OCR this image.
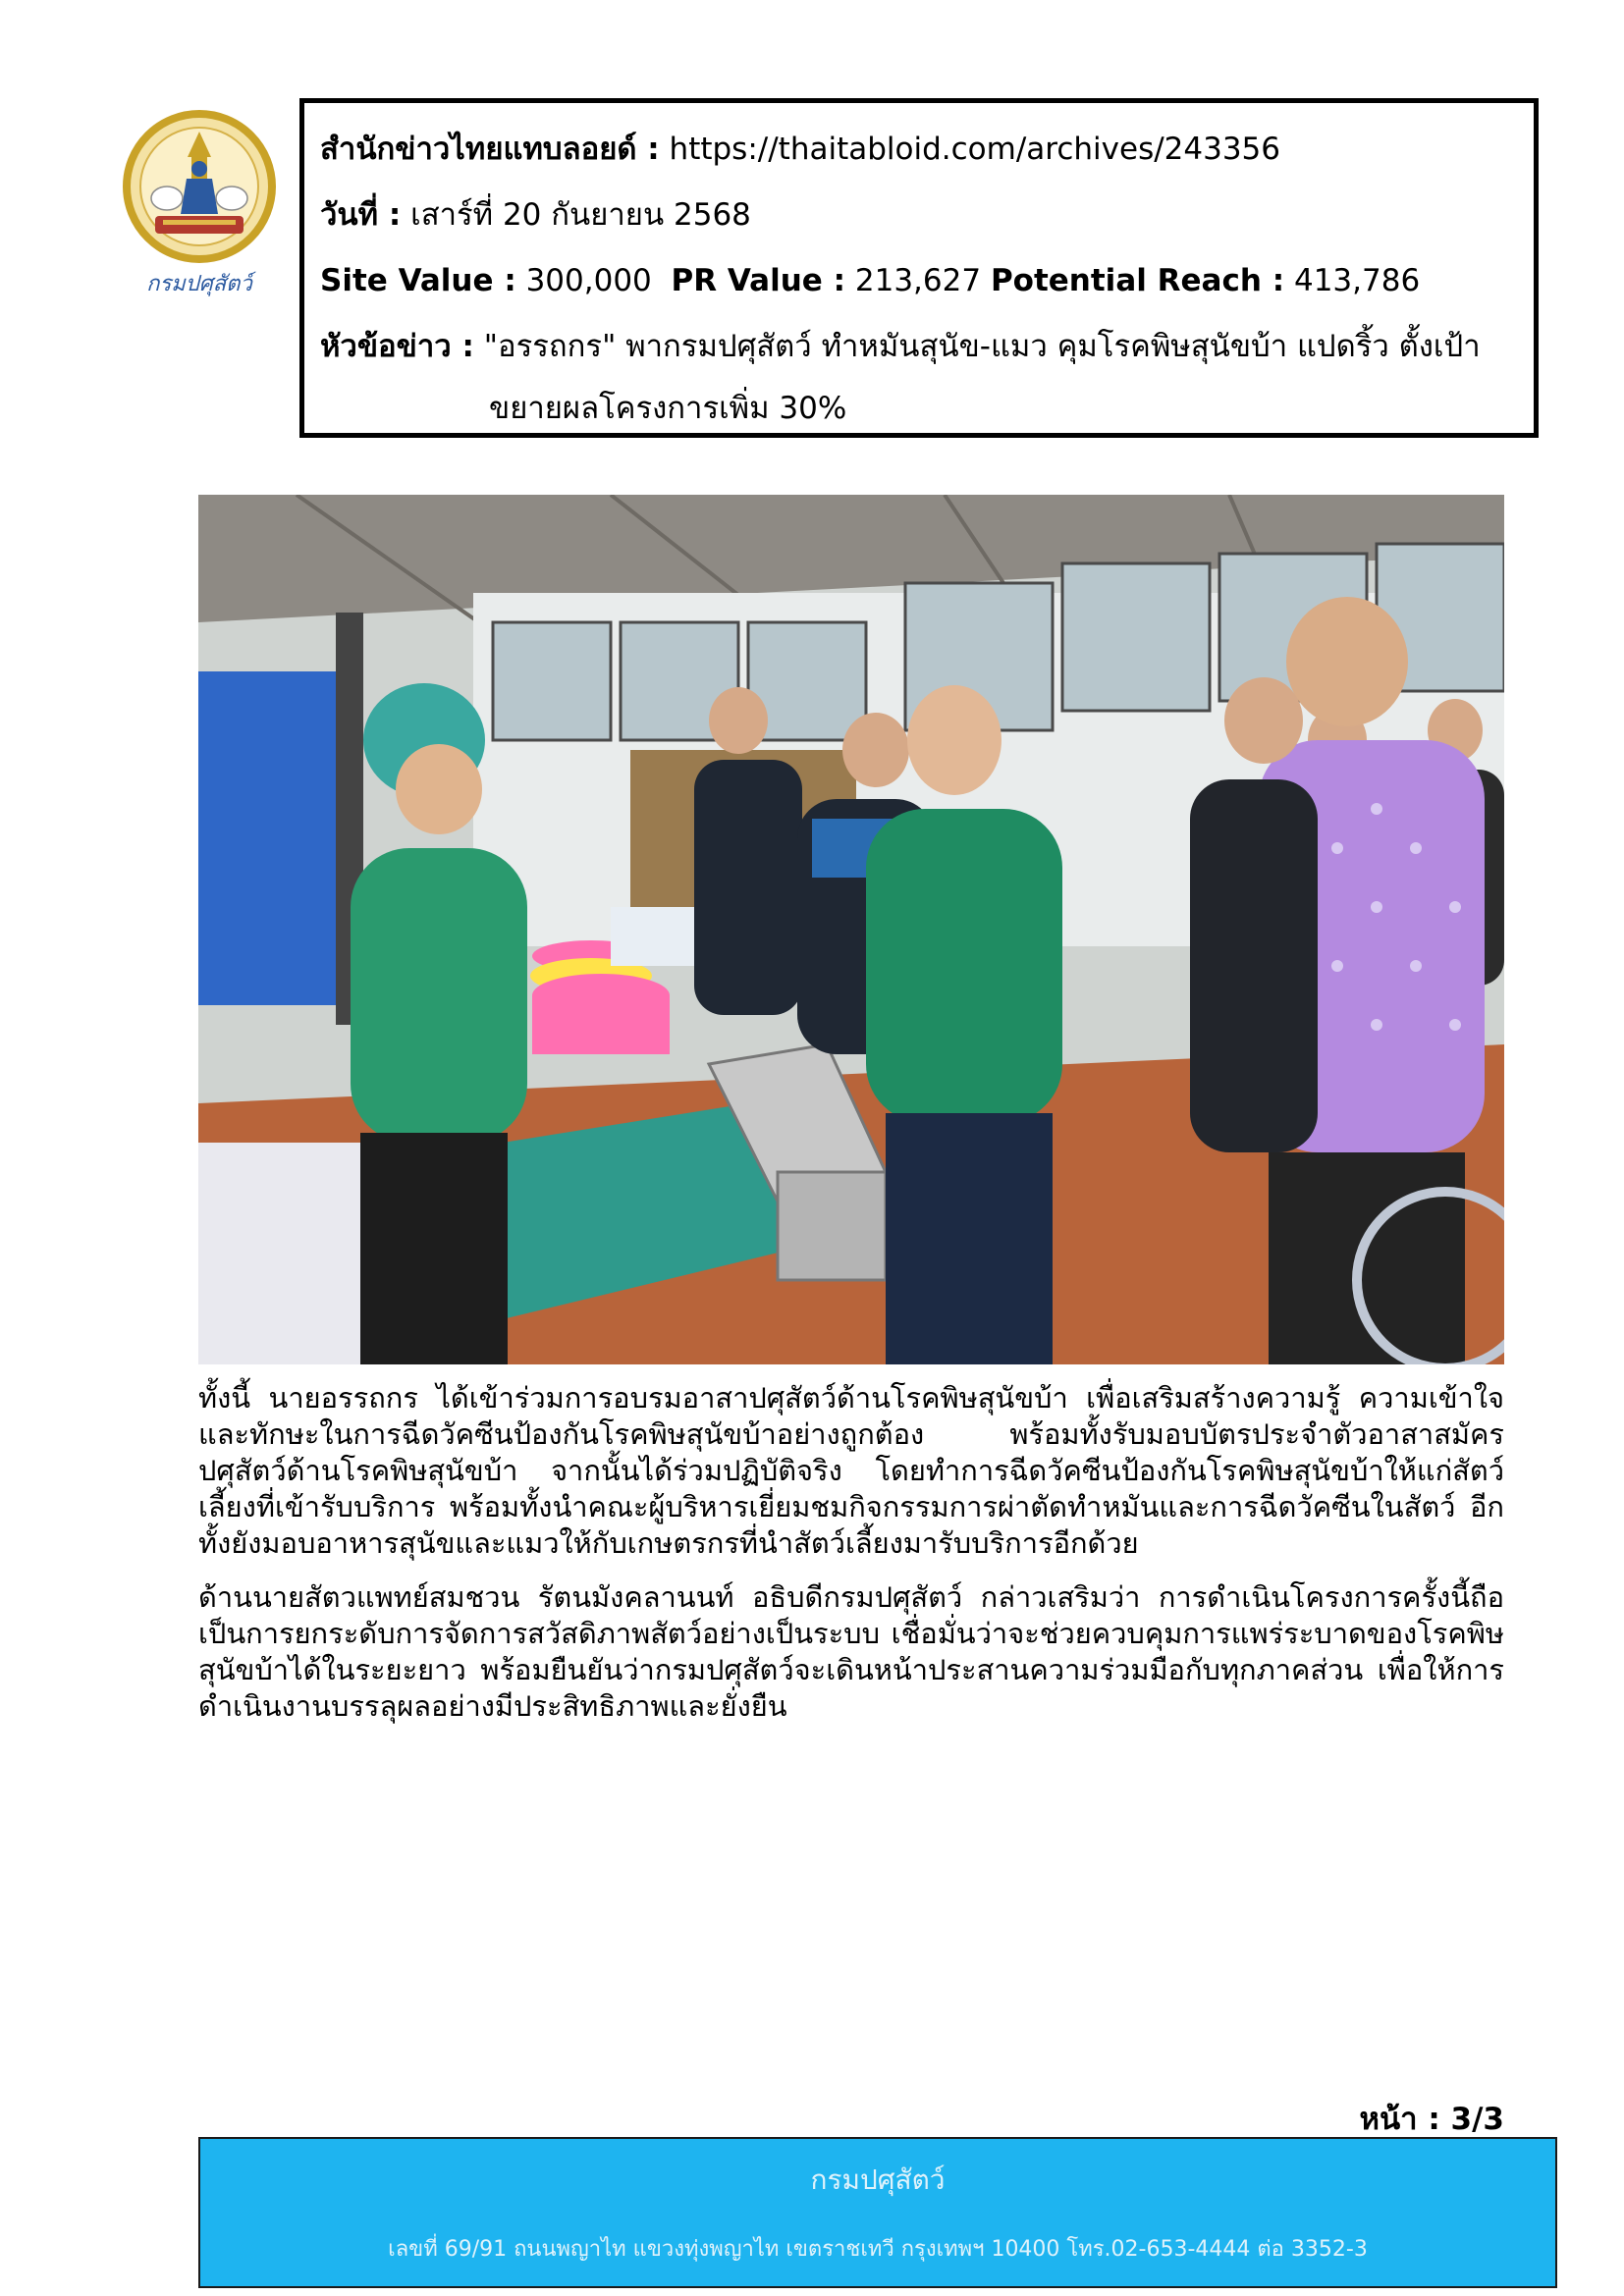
กรมปศุสัตว์
สำนักข่าวไทยแทบลอยด์ : https://thaitabloid.com/archives/243356
วันที่ : เสาร์ที่ 20 กันยายน 2568
Site Value : 300,000 PR Value : 213,627 Potential Reach : 413,786
หัวข้อข่าว : "อรรถกร" พากรมปศุสัตว์ ทำหมันสุนัข-แมว คุมโรคพิษสุนัขบ้า แปดริ้ว ตั้งเป้า
ขยายผลโครงการเพิ่ม 30%

ทั้งนี้ นายอรรถกร ได้เข้าร่วมการอบรมอาสาปศุสัตว์ด้านโรคพิษสุนัขบ้า เพื่อเสริมสร้างความรู้ ความเข้าใจ และทักษะในการฉีดวัคซีนป้องกันโรคพิษสุนัขบ้าอย่างถูกต้อง พร้อมทั้งรับมอบบัตรประจำตัวอาสาสมัครปศุสัตว์ด้านโรคพิษสุนัขบ้า จากนั้นได้ร่วมปฏิบัติจริง โดยทำการฉีดวัคซีนป้องกันโรคพิษสุนัขบ้าให้แก่สัตว์เลี้ยงที่เข้ารับบริการ พร้อมทั้งนำคณะผู้บริหารเยี่ยมชมกิจกรรมการผ่าตัดทำหมันและการฉีดวัคซีนในสัตว์ อีกทั้งยังมอบอาหารสุนัขและแมวให้กับเกษตรกรที่นำสัตว์เลี้ยงมารับบริการอีกด้วย

ด้านนายสัตวแพทย์สมชวน รัตนมังคลานนท์ อธิบดีกรมปศุสัตว์ กล่าวเสริมว่า การดำเนินโครงการครั้งนี้ถือเป็นการยกระดับการจัดการสวัสดิภาพสัตว์อย่างเป็นระบบ เชื่อมั่นว่าจะช่วยควบคุมการแพร่ระบาดของโรคพิษสุนัขบ้าได้ในระยะยาว พร้อมยืนยันว่ากรมปศุสัตว์จะเดินหน้าประสานความร่วมมือกับทุกภาคส่วน เพื่อให้การดำเนินงานบรรลุผลอย่างมีประสิทธิภาพและยั่งยืน

หน้า : 3/3
กรมปศุสัตว์
เลขที่ 69/91 ถนนพญาไท แขวงทุ่งพญาไท เขตราชเทวี กรุงเทพฯ 10400 โทร.02-653-4444 ต่อ 3352-3
